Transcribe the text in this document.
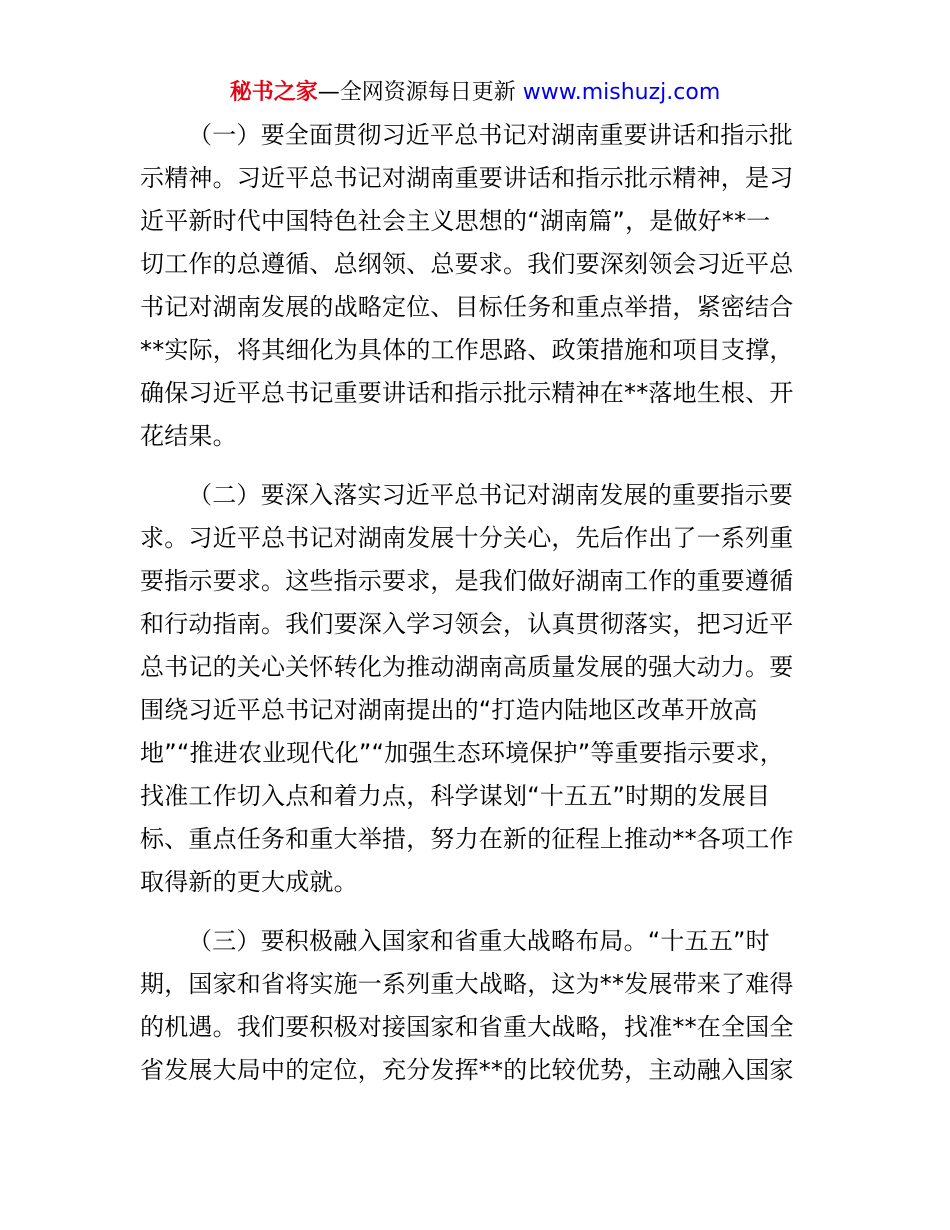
秘书之家—全网资源每日更新 www.mishuzj.com
（一）要全面贯彻习近平总书记对湖南重要讲话和指示批
示精神。习近平总书记对湖南重要讲话和指示批示精神，是习
近平新时代中国特色社会主义思想的“湖南篇”，是做好**一
切工作的总遵循、总纲领、总要求。我们要深刻领会习近平总
书记对湖南发展的战略定位、目标任务和重点举措，紧密结合
**实际，将其细化为具体的工作思路、政策措施和项目支撑，
确保习近平总书记重要讲话和指示批示精神在**落地生根、开
花结果。
（二）要深入落实习近平总书记对湖南发展的重要指示要
求。习近平总书记对湖南发展十分关心，先后作出了一系列重
要指示要求。这些指示要求，是我们做好湖南工作的重要遵循
和行动指南。我们要深入学习领会，认真贯彻落实，把习近平
总书记的关心关怀转化为推动湖南高质量发展的强大动力。要
围绕习近平总书记对湖南提出的“打造内陆地区改革开放高
地”“推进农业现代化”“加强生态环境保护”等重要指示要求，
找准工作切入点和着力点，科学谋划“十五五”时期的发展目
标、重点任务和重大举措，努力在新的征程上推动**各项工作
取得新的更大成就。
（三）要积极融入国家和省重大战略布局。“十五五”时
期，国家和省将实施一系列重大战略，这为**发展带来了难得
的机遇。我们要积极对接国家和省重大战略，找准**在全国全
省发展大局中的定位，充分发挥**的比较优势，主动融入国家
